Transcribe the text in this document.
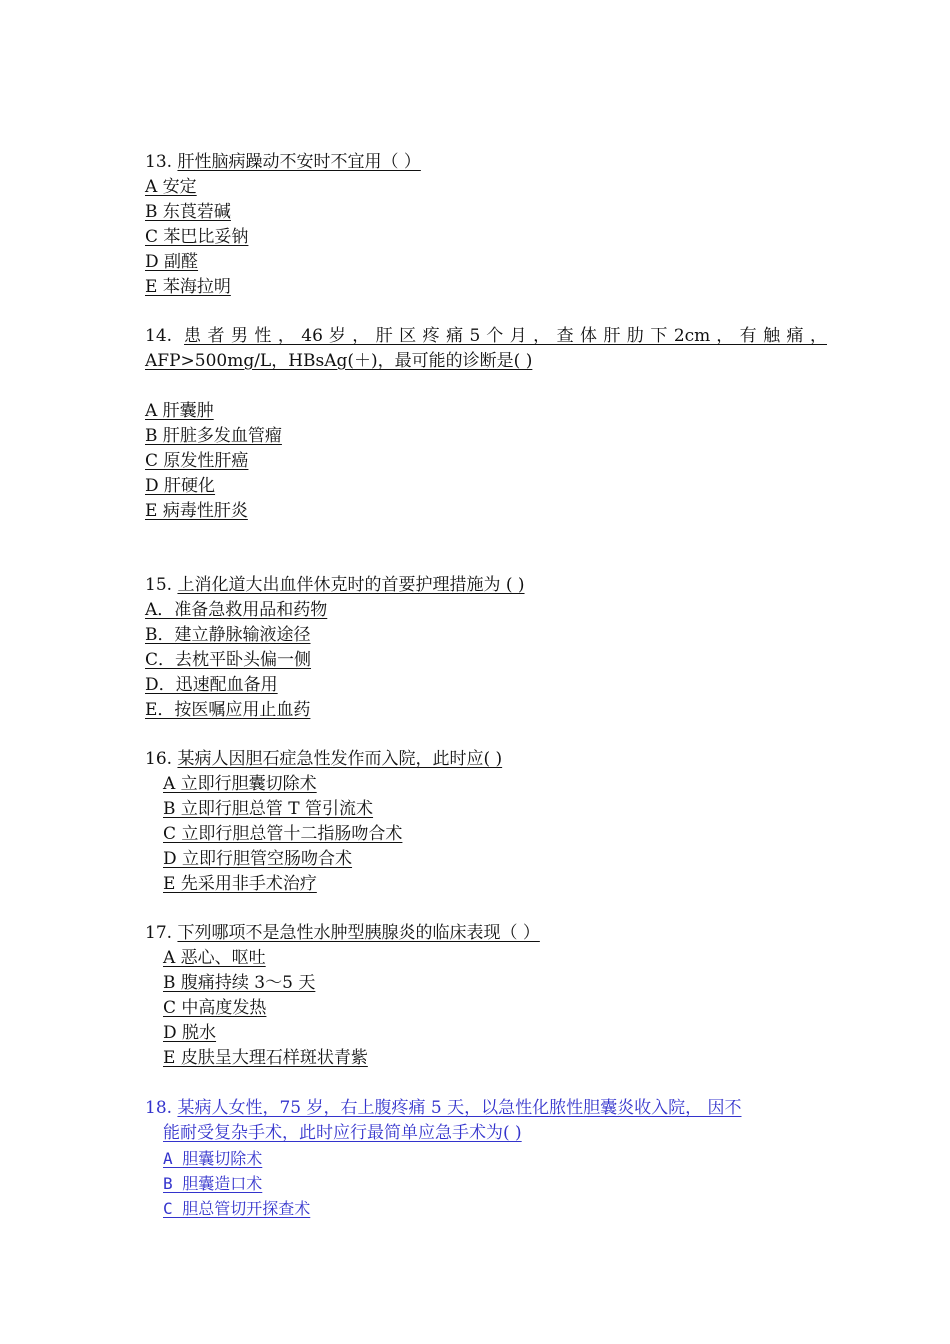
13. 肝性脑病躁动不安时不宜用（ ）
A 安定
B 东莨菪碱
C 苯巴比妥钠
D 副醛
E 苯海拉明
14. 患 者 男 性 ， 46 岁 ， 肝 区 疼 痛 5 个 月 ， 查 体 肝 肋 下 2cm ， 有 触 痛 ，
AFP>500mg/L，HBsAg(＋)，最可能的诊断是( )
A 肝囊肿
B 肝脏多发血管瘤
C 原发性肝癌
D 肝硬化
E 病毒性肝炎
15. 上消化道大出血伴休克时的首要护理措施为 ( )
A．准备急救用品和药物
B．建立静脉输液途径
C．去枕平卧头偏一侧
D．迅速配血备用
E．按医嘱应用止血药
16. 某病人因胆石症急性发作而入院，此时应( )
A 立即行胆囊切除术
B 立即行胆总管 T 管引流术
C 立即行胆总管十二指肠吻合术
D 立即行胆管空肠吻合术
E 先采用非手术治疗
17. 下列哪项不是急性水肿型胰腺炎的临床表现（ ）
A 恶心、呕吐
B 腹痛持续 3～5 天
C 中高度发热
D 脱水
E 皮肤呈大理石样斑状青紫
18. 某病人女性，75 岁，右上腹疼痛 5 天，以急性化脓性胆囊炎收入院， 因不
能耐受复杂手术，此时应行最简单应急手术为( )
A 胆囊切除术
B 胆囊造口术
C 胆总管切开探查术
